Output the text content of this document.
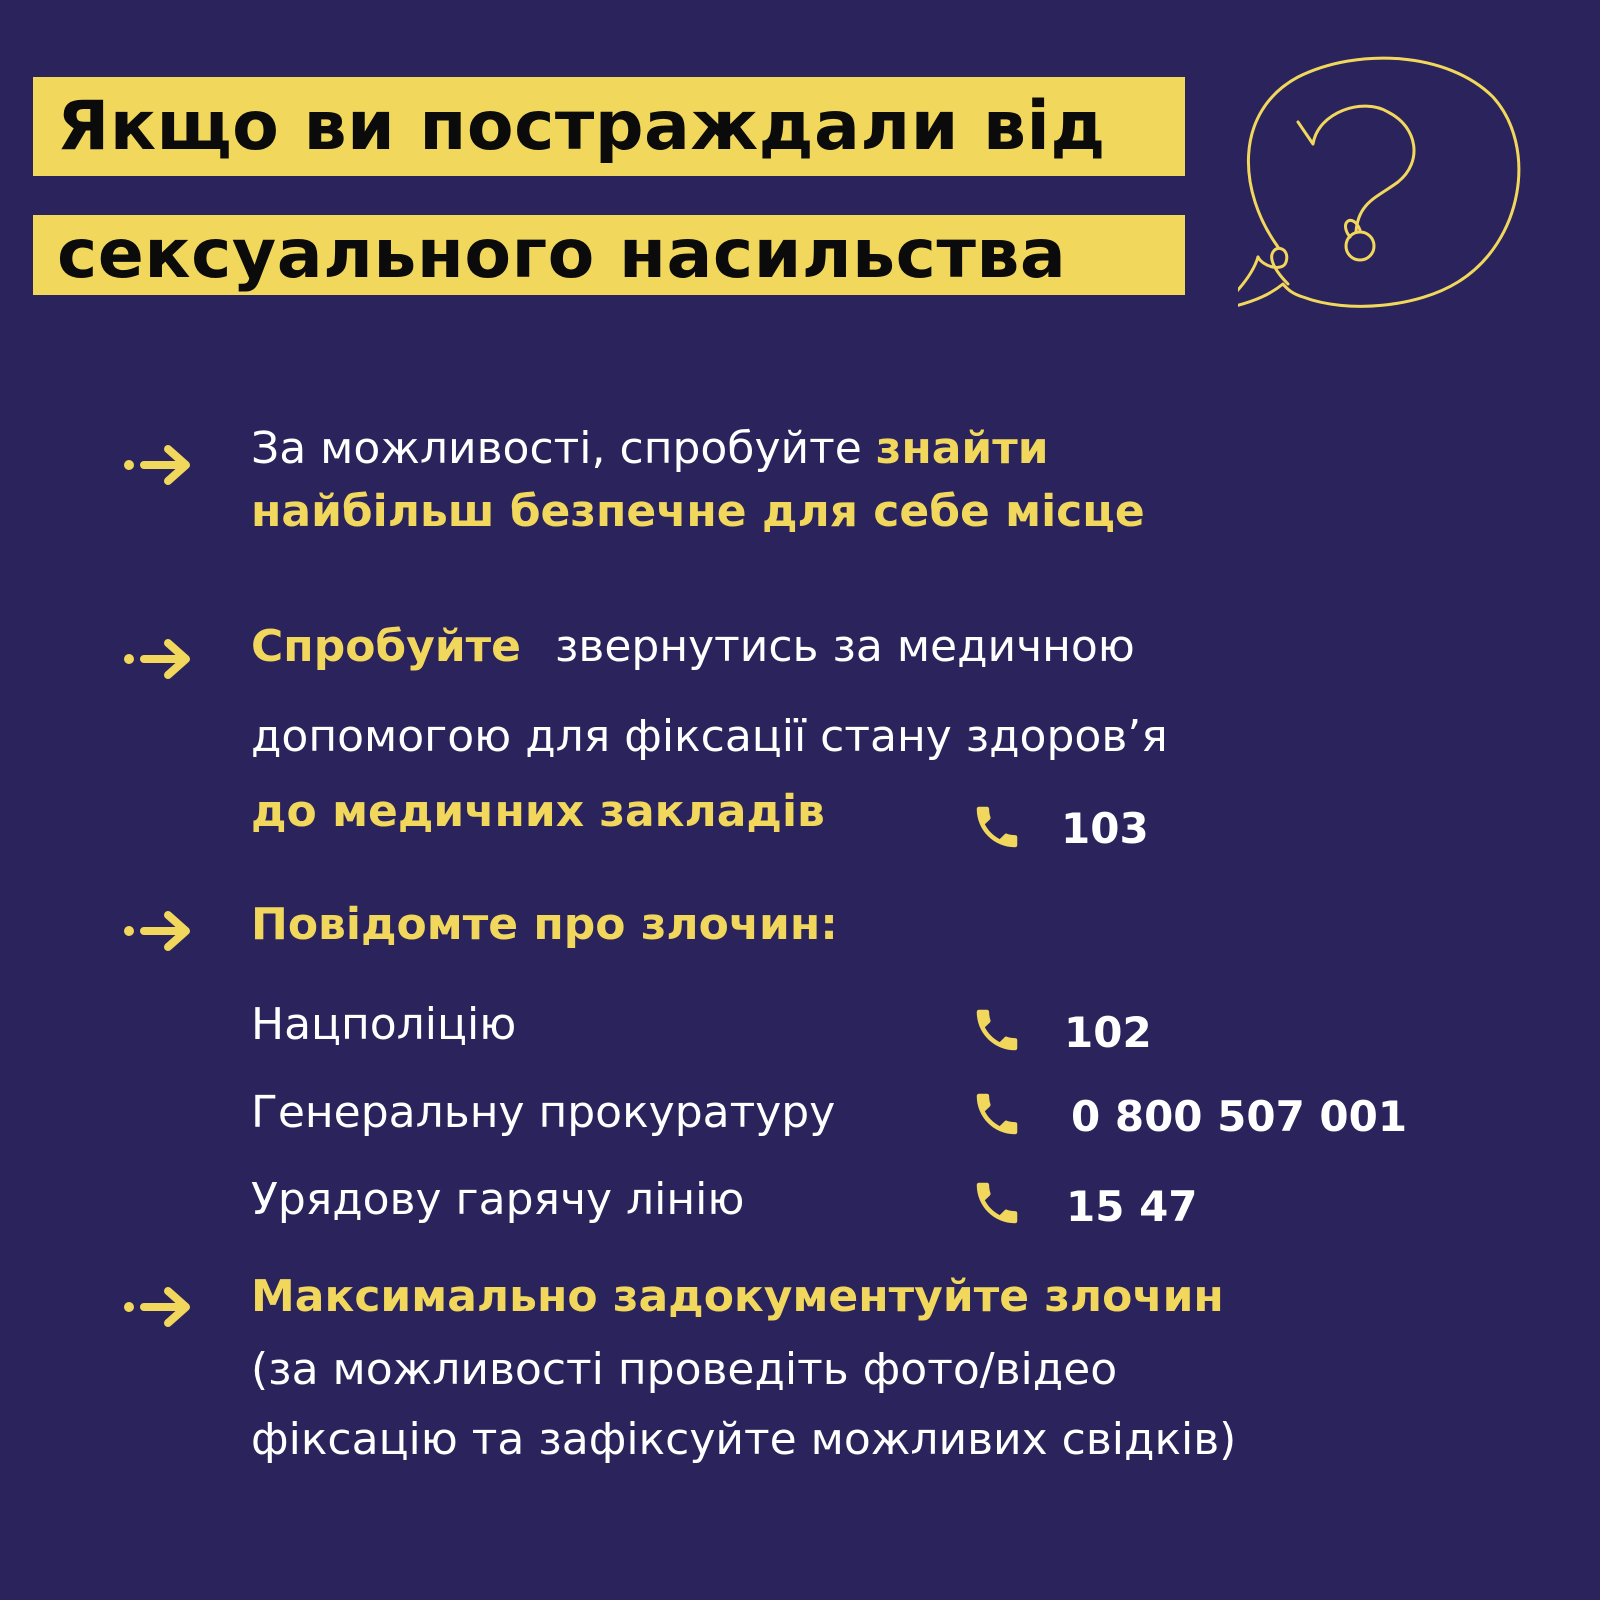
Якщо ви постраждали від
сексуального насильства
За можливості, спробуйте знайти
найбільш безпечне для себе місце
Спробуйте звернутись за медичною
допомогою для фіксації стану здоров’я
до медичних закладів	103
Повідомте про злочин:
Нацполіцію	102
Генеральну прокуратуру	0 800 507 001
Урядову гарячу лінію	15 47
Максимально задокументуйте злочин
(за можливості проведіть фото/відео
фіксацію та зафіксуйте можливих свідків)
